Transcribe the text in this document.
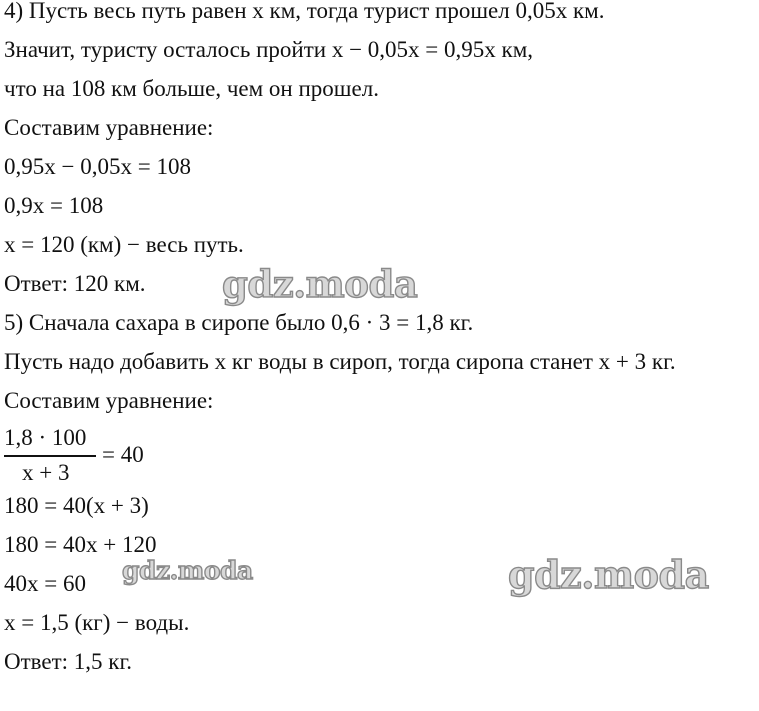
4) Пусть весь путь равен x км, тогда турист прошел 0,05x км.
Значит, туристу осталось пройти x − 0,05x = 0,95x км,
что на 108 км больше, чем он прошел.
Составим уравнение:
0,95x − 0,05x = 108
0,9x = 108
x = 120 (км) − весь путь.
Ответ: 120 км.
5) Сначала сахара в сиропе было 0,6 · 3 = 1,8 кг.
Пусть надо добавить x кг воды в сироп, тогда сиропа станет x + 3 кг.
Составим уравнение:
1,8 · 100
x + 3
= 40
180 = 40(x + 3)
180 = 40x + 120
40x = 60
x = 1,5 (кг) − воды.
Ответ: 1,5 кг.
gdz.moda
gdz.moda	gdz.moda
